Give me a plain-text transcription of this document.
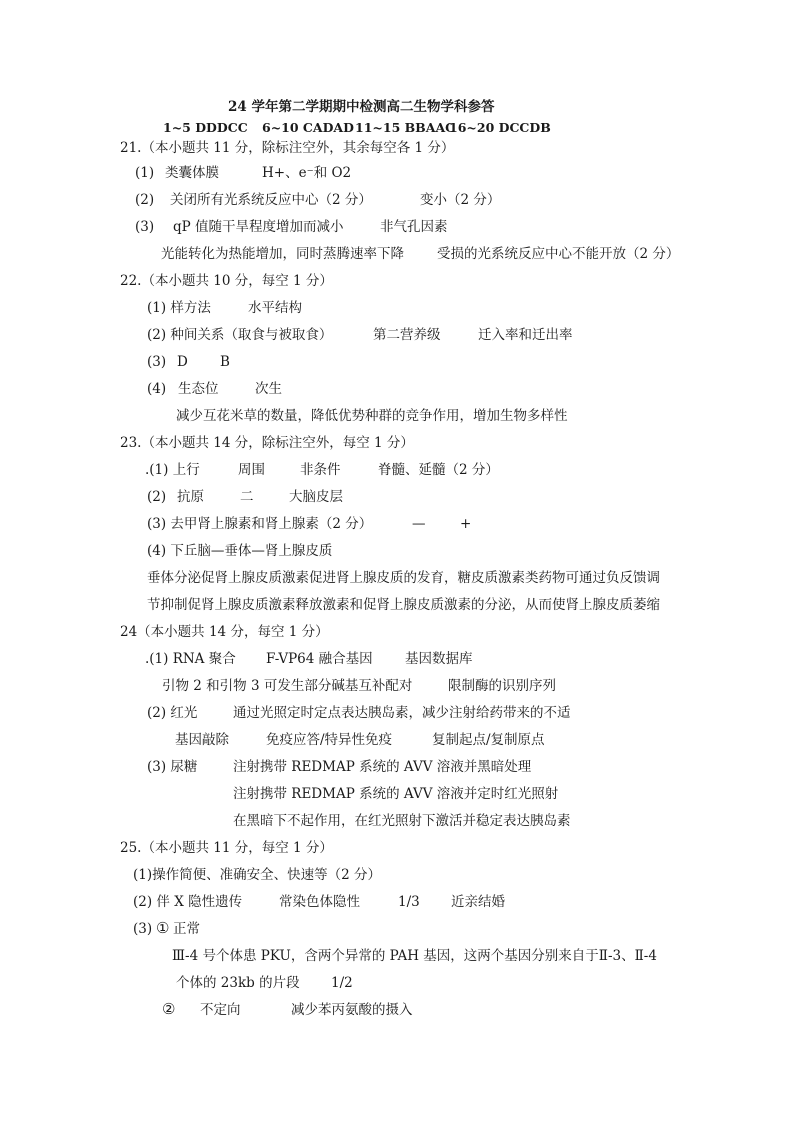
24 学年第二学期期中检测高二生物学科参答
1~5 DDDCC 6~10 CADAD 11~15 BBAAC
16~20 DCCDB
21.（本小题共 11 分，除标注空外，其余每空各 1 分）
(1) 类囊体膜	H+、e⁻和 O2
(2) 关闭所有光系统反应中心（2 分）	变小（2 分）
(3) qP 值随干旱程度增加而减小	非气孔因素
光能转化为热能增加，同时蒸腾速率下降 受损的光系统反应中心不能开放（2 分）
22.（本小题共 10 分，每空 1 分）
(1) 样方法	水平结构
(2) 种间关系（取食与被取食）	第二营养级	迁入率和迁出率
(3) D B
(4) 生态位	次生
减少互花米草的数量，降低优势种群的竞争作用，增加生物多样性
23.（本小题共 14 分，除标注空外，每空 1 分）
.(1) 上行	周围	非条件	脊髓、延髓（2 分）
(2) 抗原	二	大脑皮层
(3) 去甲肾上腺素和肾上腺素（2 分）	—	+
(4) 下丘脑—垂体—肾上腺皮质
垂体分泌促肾上腺皮质激素促进肾上腺皮质的发育，糖皮质激素类药物可通过负反馈调
节抑制促肾上腺皮质激素释放激素和促肾上腺皮质激素的分泌，从而使肾上腺皮质萎缩
24（本小题共 14 分，每空 1 分）
.(1) RNA 聚合 F-VP64 融合基因 基因数据库
引物 2 和引物 3 可发生部分碱基互补配对	限制酶的识别序列
(2) 红光	通过光照定时定点表达胰岛素，减少注射给药带来的不适
基因敲除	免疫应答/特异性免疫	复制起点/复制原点
(3) 尿糖	注射携带 REDMAP 系统的 AVV 溶液并黑暗处理
注射携带 REDMAP 系统的 AVV 溶液并定时红光照射
在黑暗下不起作用，在红光照射下激活并稳定表达胰岛素
25.（本小题共 11 分，每空 1 分）
(1)操作简便、准确安全、快速等（2 分）
(2) 伴 X 隐性遗传	常染色体隐性	1/3 近亲结婚
(3) ① 正常
Ⅲ-4 号个体患 PKU，含两个异常的 PAH 基因，这两个基因分别来自于Ⅱ-3、Ⅱ-4
个体的 23kb 的片段 1/2
② 不定向	减少苯丙氨酸的摄入
